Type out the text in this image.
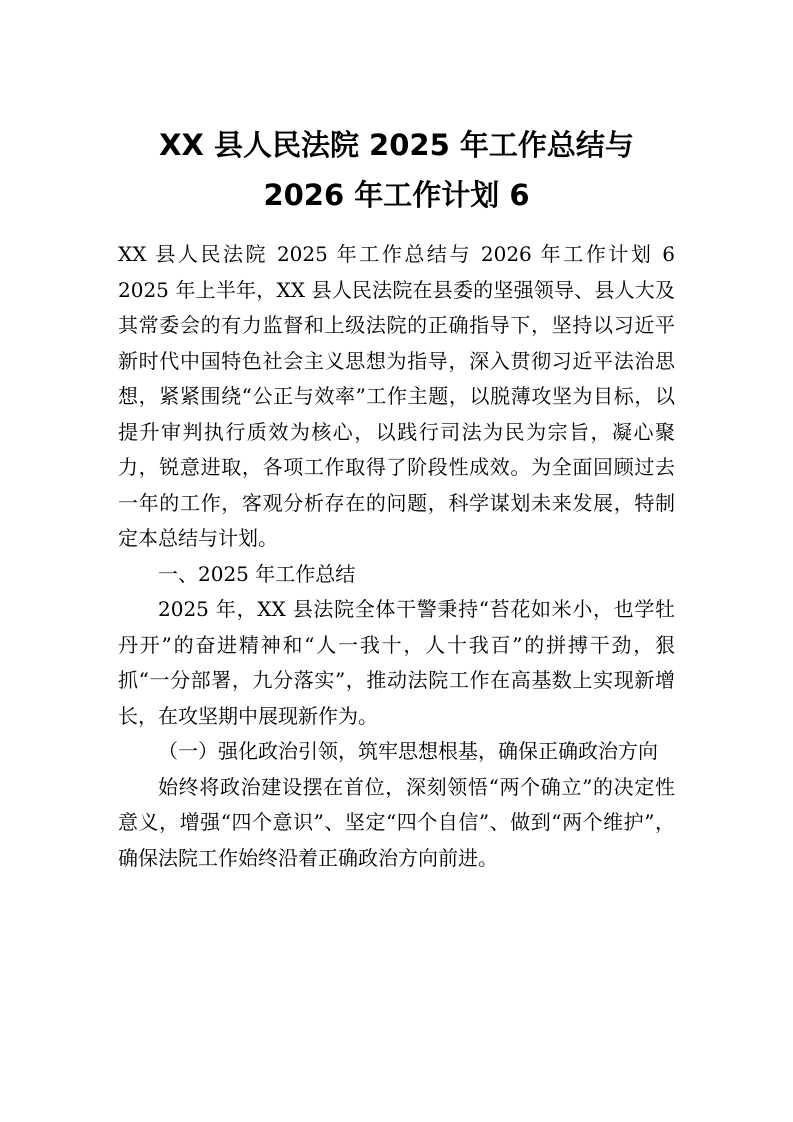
XX 县人民法院 2025 年工作总结与 2026 年工作计划 6

XX 县人民法院 2025 年工作总结与 2026 年工作计划 6 2025 年上半年，XX 县人民法院在县委的坚强领导、县人大及其常委会的有力监督和上级法院的正确指导下，坚持以习近平新时代中国特色社会主义思想为指导，深入贯彻习近平法治思想，紧紧围绕“公正与效率”工作主题，以脱薄攻坚为目标，以提升审判执行质效为核心，以践行司法为民为宗旨，凝心聚力，锐意进取，各项工作取得了阶段性成效。为全面回顾过去一年的工作，客观分析存在的问题，科学谋划未来发展，特制定本总结与计划。

一、2025 年工作总结

2025 年，XX 县法院全体干警秉持“苔花如米小，也学牡丹开”的奋进精神和“人一我十，人十我百”的拼搏干劲，狠抓“一分部署，九分落实”，推动法院工作在高基数上实现新增长，在攻坚期中展现新作为。

（一）强化政治引领，筑牢思想根基，确保正确政治方向

始终将政治建设摆在首位，深刻领悟“两个确立”的决定性意义，增强“四个意识”、坚定“四个自信”、做到“两个维护”，确保法院工作始终沿着正确政治方向前进。
